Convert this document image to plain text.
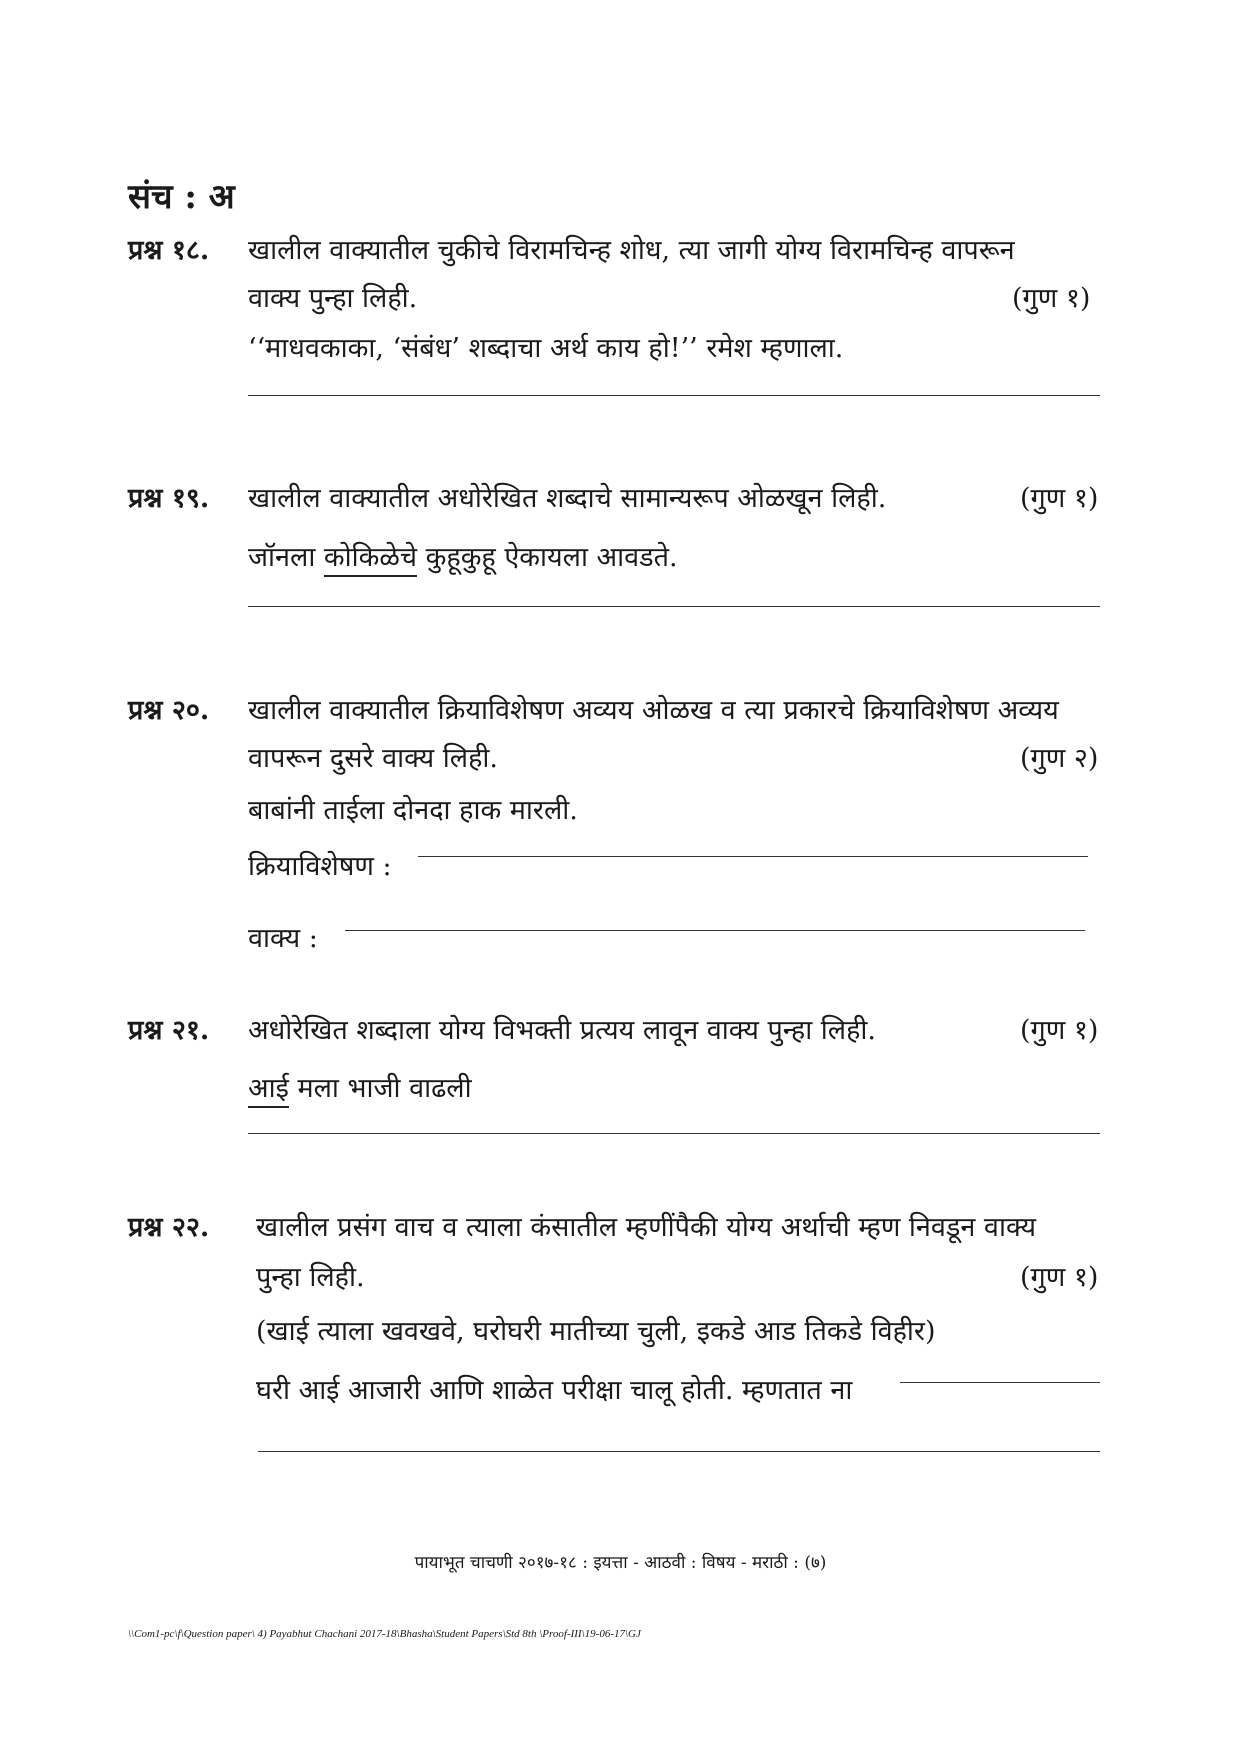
संच : अ
प्रश्न १८. खालील वाक्यातील चुकीचे विरामचिन्ह शोध, त्या जागी योग्य विरामचिन्ह वापरून
वाक्य पुन्हा लिही.	(गुण १)
‘‘माधवकाका, ‘संबंध’ शब्दाचा अर्थ काय हो!’’ रमेश म्हणाला.
प्रश्न १९. खालील वाक्यातील अधोरेखित शब्दाचे सामान्यरूप ओळखून लिही.	(गुण १)
जॉनला कोकिळेचे कुहूकुहू ऐकायला आवडते.
प्रश्न २०. खालील वाक्यातील क्रियाविशेषण अव्यय ओळख व त्या प्रकारचे क्रियाविशेषण अव्यय
वापरून दुसरे वाक्य लिही.	(गुण २)
बाबांनी ताईला दोनदा हाक मारली.
क्रियाविशेषण :
वाक्य :
प्रश्न २१. अधोरेखित शब्दाला योग्य विभक्ती प्रत्यय लावून वाक्य पुन्हा लिही.	(गुण १)
आई मला भाजी वाढली
प्रश्न २२. खालील प्रसंग वाच व त्याला कंसातील म्हणींपैकी योग्य अर्थाची म्हण निवडून वाक्य
पुन्हा लिही.	(गुण १)
(खाई त्याला खवखवे, घरोघरी मातीच्या चुली, इकडे आड तिकडे विहीर)
घरी आई आजारी आणि शाळेत परीक्षा चालू होती. म्हणतात ना
पायाभूत चाचणी २०१७-१८ : इयत्ता - आठवी : विषय - मराठी : (७)
\\Com1-pc\f\Question paper\ 4) Payabhut Chachani 2017-18\Bhasha\Student Papers\Std 8th \Proof-III\19-06-17\GJ
